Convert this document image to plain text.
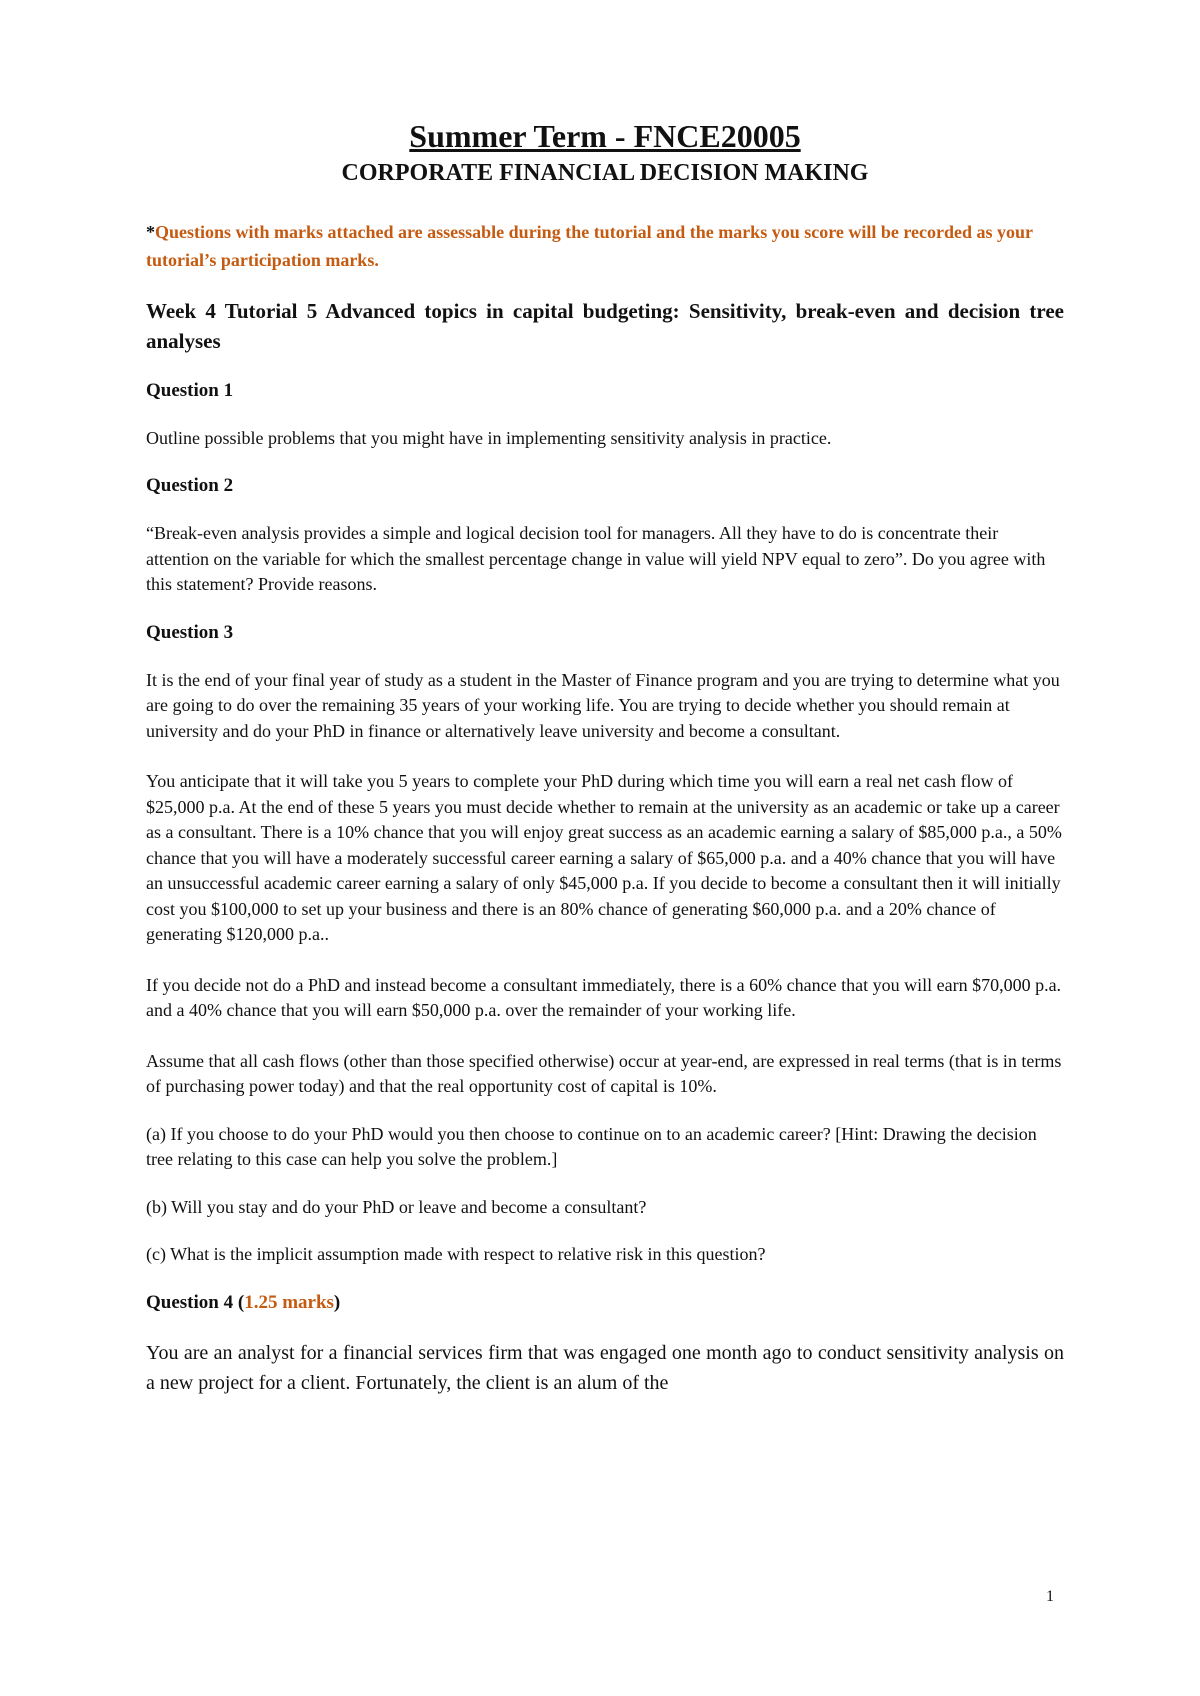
Summer Term - FNCE20005
CORPORATE FINANCIAL DECISION MAKING

*Questions with marks attached are assessable during the tutorial and the marks you score will be recorded as your tutorial’s participation marks.

Week 4 Tutorial 5 Advanced topics in capital budgeting: Sensitivity, break-even and decision tree analyses

Question 1

Outline possible problems that you might have in implementing sensitivity analysis in practice.

Question 2

“Break-even analysis provides a simple and logical decision tool for managers. All they have to do is concentrate their attention on the variable for which the smallest percentage change in value will yield NPV equal to zero”. Do you agree with this statement? Provide reasons.

Question 3

It is the end of your final year of study as a student in the Master of Finance program and you are trying to determine what you are going to do over the remaining 35 years of your working life. You are trying to decide whether you should remain at university and do your PhD in finance or alternatively leave university and become a consultant.

You anticipate that it will take you 5 years to complete your PhD during which time you will earn a real net cash flow of $25,000 p.a. At the end of these 5 years you must decide whether to remain at the university as an academic or take up a career as a consultant. There is a 10% chance that you will enjoy great success as an academic earning a salary of $85,000 p.a., a 50% chance that you will have a moderately successful career earning a salary of $65,000 p.a. and a 40% chance that you will have an unsuccessful academic career earning a salary of only $45,000 p.a. If you decide to become a consultant then it will initially cost you $100,000 to set up your business and there is an 80% chance of generating $60,000 p.a. and a 20% chance of generating $120,000 p.a..

If you decide not do a PhD and instead become a consultant immediately, there is a 60% chance that you will earn $70,000 p.a. and a 40% chance that you will earn $50,000 p.a. over the remainder of your working life.

Assume that all cash flows (other than those specified otherwise) occur at year-end, are expressed in real terms (that is in terms of purchasing power today) and that the real opportunity cost of capital is 10%.

(a) If you choose to do your PhD would you then choose to continue on to an academic career? [Hint: Drawing the decision tree relating to this case can help you solve the problem.]

(b) Will you stay and do your PhD or leave and become a consultant?

(c) What is the implicit assumption made with respect to relative risk in this question?

Question 4 (1.25 marks)

You are an analyst for a financial services firm that was engaged one month ago to conduct sensitivity analysis on a new project for a client. Fortunately, the client is an alum of the

1
